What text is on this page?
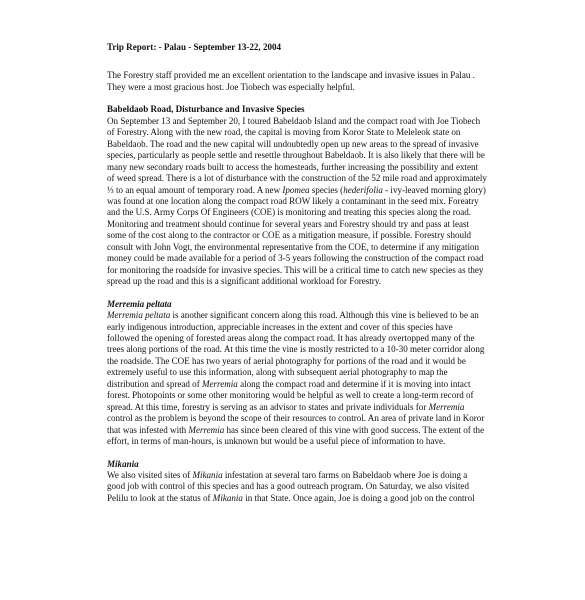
Trip Report: - Palau - September 13-22, 2004

The Forestry staff provided me an excellent orientation to the landscape and invasive issues in Palau . They were a most gracious host. Joe Tiobech was especially helpful.

Babeldaob Road, Disturbance and Invasive Species

On September 13 and September 20, I toured Babeldaob Island and the compact road with Joe Tiobech of Forestry. Along with the new road, the capital is moving from Koror State to Meleleok state on Babeldaob. The road and the new capital will undoubtedly open up new areas to the spread of invasive species, particularly as people settle and resettle throughout Babeldaob. It is also likely that there will be many new secondary roads built to access the homesteads, further increasing the possibility and extent of weed spread. There is a lot of disturbance with the construction of the 52 mile road and approximately ⅓ to an equal amount of temporary road. A new Ipomea species (hederifolia - ivy-leaved morning glory) was found at one location along the compact road ROW likely a contaminant in the seed mix. Foreatry and the U.S. Army Corps Of Engineers (COE) is monitoring and treating this species along the road. Monitoring and treatment should continue for several years and Forestry should try and pass at least some of the cost along to the contractor or COE as a mitigation measure, if possible. Forestry should consult with John Vogt, the environmental representative from the COE, to determine if any mitigation money could be made available for a period of 3-5 years following the construction of the compact road for monitoring the roadside for invasive species. This will be a critical time to catch new species as they spread up the road and this is a significant additional workload for Forestry.

Merremia peltata

Merremia peltata is another significant concern along this road. Although this vine is believed to be an early indigenous introduction, appreciable increases in the extent and cover of this species have followed the opening of forested areas along the compact road. It has already overtopped many of the trees along portions of the road. At this time the vine is mostly restricted to a 10-30 meter corridor along the roadside. The COE has two years of aerial photography for portions of the road and it would be extremely useful to use this information, along with subsequent aerial photography to map the distribution and spread of Merremia along the compact road and determine if it is moving into intact forest. Photopoints or some other monitoring would be helpful as well to create a long-term record of spread. At this time, forestry is serving as an advisor to states and private individuals for Merremia control as the problem is beyond the scope of their resources to control. An area of private land in Koror that was infested with Merremia has since been cleared of this vine with good success. The extent of the effort, in terms of man-hours, is unknown but would be a useful piece of information to have.

Mikania

We also visited sites of Mikania infestation at several taro farms on Babeldaob where Joe is doing a good job with control of this species and has a good outreach program. On Saturday, we also visited Pelilu to look at the status of Mikania in that State. Once again, Joe is doing a good job on the control
